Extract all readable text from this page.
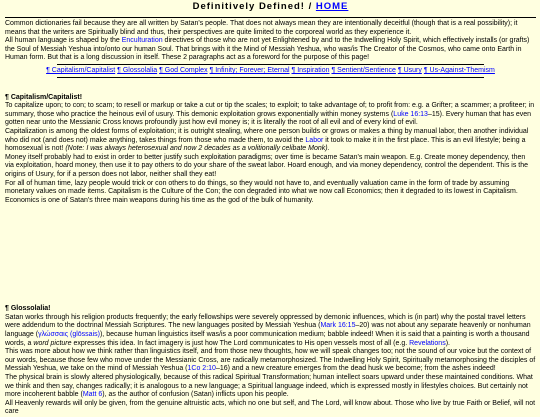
Definitively Defined! / HOME

Common dictionaries fail because they are all written by Satan's people. That does not always mean they are intentionally deceitful (though that is a real possibility); it means that the writers are Spiritually blind and thus, their perspectives are quite limited to the corporeal world as they experience it.

All human language is shaped by the Enculturation directives of those who are not yet Enlightened by and to the Indwelling Holy Spirit, which effectively installs (or grafts) the Soul of Messiah Yeshua into/onto our human Soul. That brings with it the Mind of Messiah Yeshua, who was/is The Creator of the Cosmos, who came onto Earth in Human form. But that is a long discussion in itself. These 2 paragraphs act as a foreword for the purpose of this page!

¶ Capitalism/Capitalist ¶ Glossolalia ¶ God Complex ¶ Infinity; Forever; Eternal ¶ Inspiration ¶ Sentient/Sentience ¶ Usury ¶ Us-Against-Themism

¶ Capitalism/Capitalist!

To capitalize upon; to con; to scam; to resell or markup or take a cut or tip the scales; to exploit; to take advantage of; to profit from: e.g. a Grifter; a scammer; a profiteer; in summary, those who practice the heinous evil of usury. This demonic exploitation grows exponentially within money systems (Luke 16:13–15). Every human that has even gotten near unto the Messianic Cross knows profoundly just how evil money is; it is literally the root of all evil and of every kind of evil.

Capitalization is among the oldest forms of exploitation; it is outright stealing, where one person builds or grows or makes a thing by manual labor, then another individual who did not (and does not) make anything, takes things from those who made them, to avoid the Labor it took to make it in the first place. This is an evil lifestyle; being a homosexual is not! (Note: I was always heterosexual and now 2 decades as a volitionally celibate Monk).

Money itself probably had to exist in order to better justify such exploitation paradigms; over time is became Satan's main weapon. E.g. Create money dependency, then via exploitation, hoard money, then use it to pay others to do your share of the sweat labor. Hoard enough, and via money dependency, control the dependent. This is the origins of Usury, for if a person does not labor, neither shall they eat!

For all of human time, lazy people would trick or con others to do things, so they would not have to, and eventually valuation came in the form of trade by assuming monetary values on made items. Capitalism is the Culture of the Con; the con degraded into what we now call Economics; then it degraded to its lowest in Capitalism. Economics is one of Satan's three main weapons during his time as the god of the bulk of humanity.

¶ Glossolalia!

Satan works through his religion products frequently; the early fellowships were severely oppressed by demonic influences, which is (in part) why the postal travel letters were addendum to the doctrinal Messiah Scriptures. The new languages posited by Messiah Yeshua (Mark 16:15–20) was not about any separate heavenly or nonhuman language (γλώσσαις (glōssais)), because human linguistics itself was/is a poor communication medium; babble indeed! When it is said that a painting is worth a thousand words, a word picture expresses this idea. In fact imagery is just how The Lord communicates to His open vessels most of all (e.g. Revelations).

This was more about how we think rather than linguistics itself, and from those new thoughts, how we will speak changes too; not the sound of our voice but the context of our words, because those few who move under the Messianic Cross, are radically metamorphosized. The Indwelling Holy Spirit, Spiritually metamorphosing the disciples of Messiah Yeshua, we take on the mind of Messiah Yeshua (1Co 2:10–16) and a new creature emerges from the dead husk we become; from the ashes indeed!

The physical brain is slowly altered physiologically, because of this radical Spiritual Transformation; human intellect soars upward under these maintained conditions. What we think and then say, changes radically; it is analogous to a new language; a Spiritual language indeed, which is expressed mostly in lifestyles choices. But certainly not more incoherent babble (Matt 6), as the author of confusion (Satan) inflicts upon his people.

All Heavenly rewards will only be given, from the genuine altruistic acts, which no one but self, and The Lord, will know about. Those who live by true Faith or Belief, will not care
